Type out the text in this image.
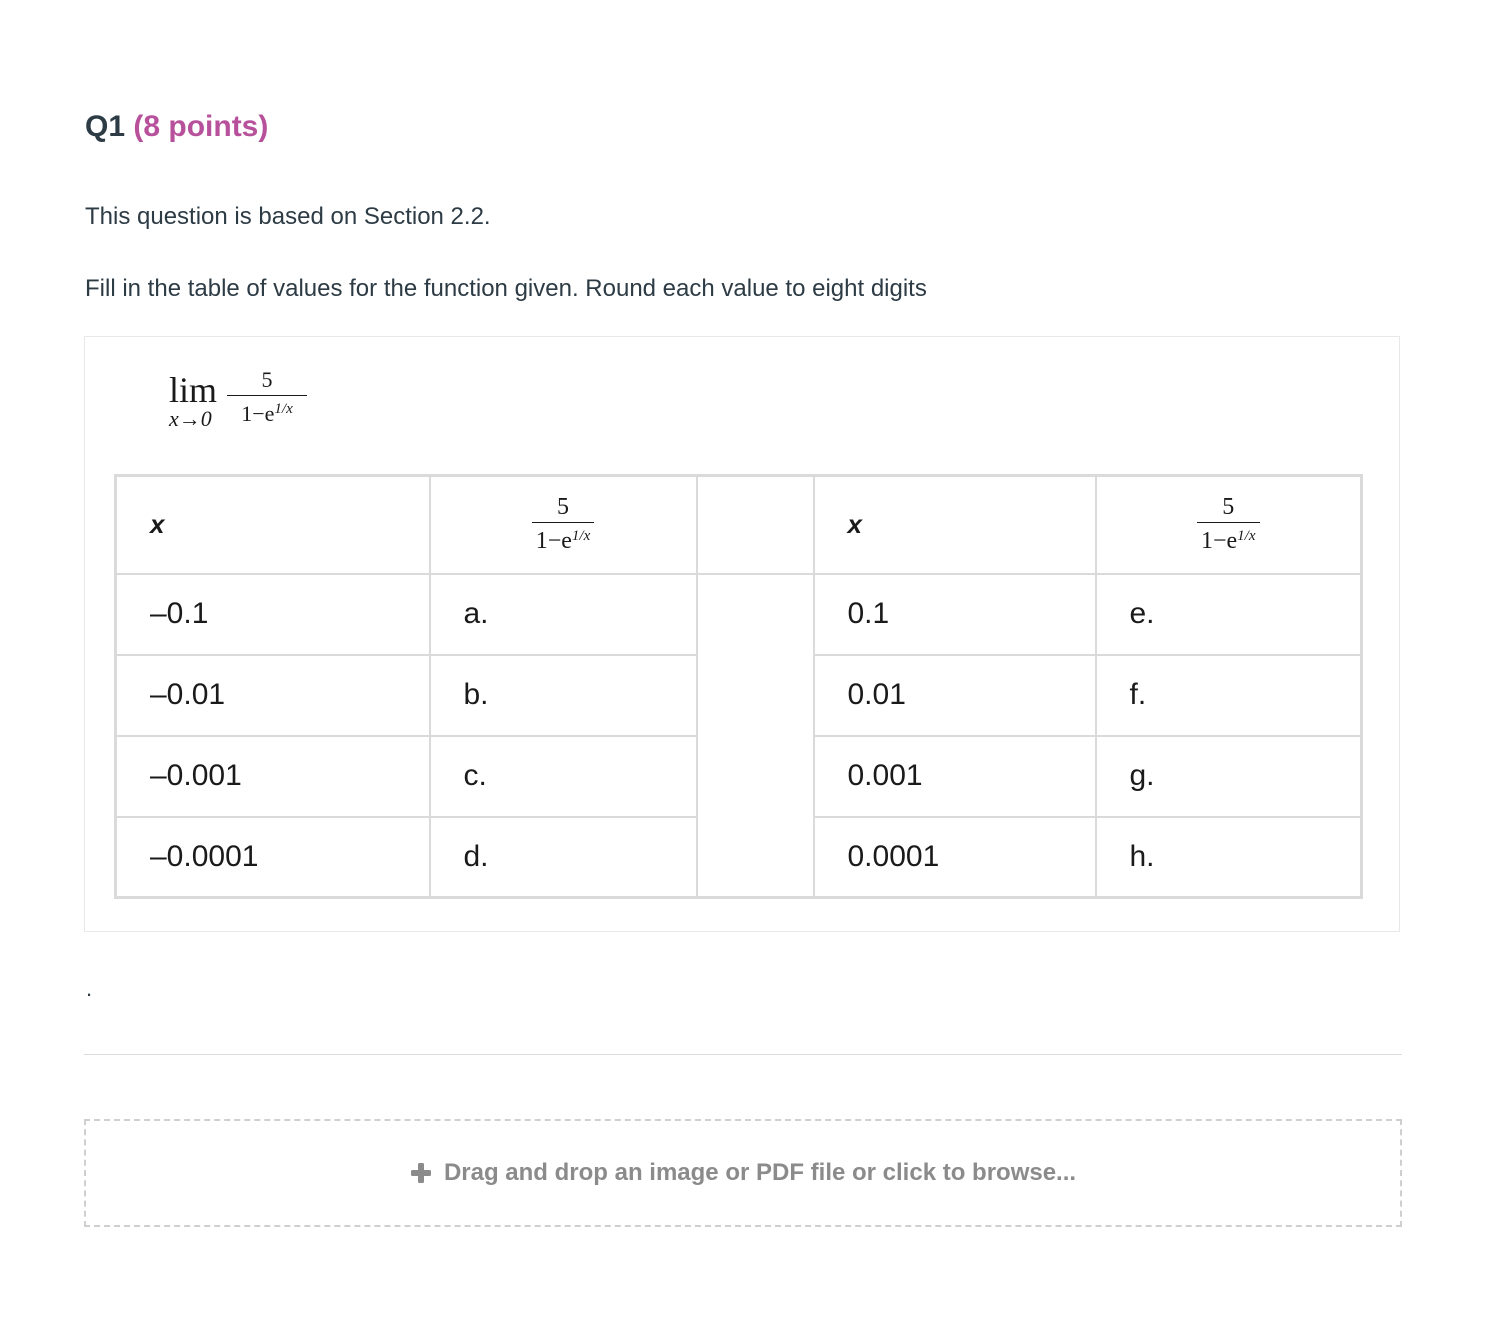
Q1 (8 points)

This question is based on Section 2.2.

Fill in the table of values for the function given. Round each value to eight digits

lim
$x\to 0 \frac{5}{1-e^{1/x}}$
x	$\frac{5}{1-e^{1/x}}$		x	$\frac{5}{1-e^{1/x}}$

–0.1	a.		0.1	e.
–0.01	b.		0.01	f.
–0.001	c.		0.001	g.
–0.0001	d.		0.0001	h.

.

Drag and drop an image or PDF file or click to browse...
